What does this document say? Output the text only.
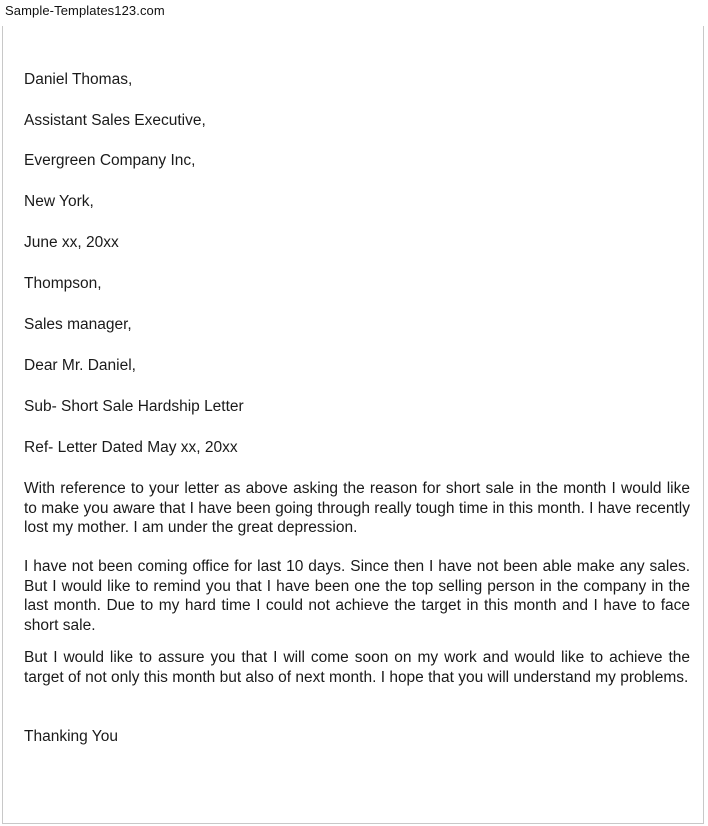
Sample-Templates123.com
Daniel Thomas,
Assistant Sales Executive,
Evergreen Company Inc,
New York,
June xx, 20xx
Thompson,
Sales manager,
Dear Mr. Daniel,
Sub- Short Sale Hardship Letter
Ref- Letter Dated May xx, 20xx
With reference to your letter as above asking the reason for short sale in the month I would like to make you aware that I have been going through really tough time in this month. I have recently lost my mother. I am under the great depression.
I have not been coming office for last 10 days. Since then I have not been able make any sales. But I would like to remind you that I have been one the top selling person in the company in the last month. Due to my hard time I could not achieve the target in this month and I have to face short sale.
But I would like to assure you that I will come soon on my work and would like to achieve the target of not only this month but also of next month. I hope that you will understand my problems.
Thanking You
